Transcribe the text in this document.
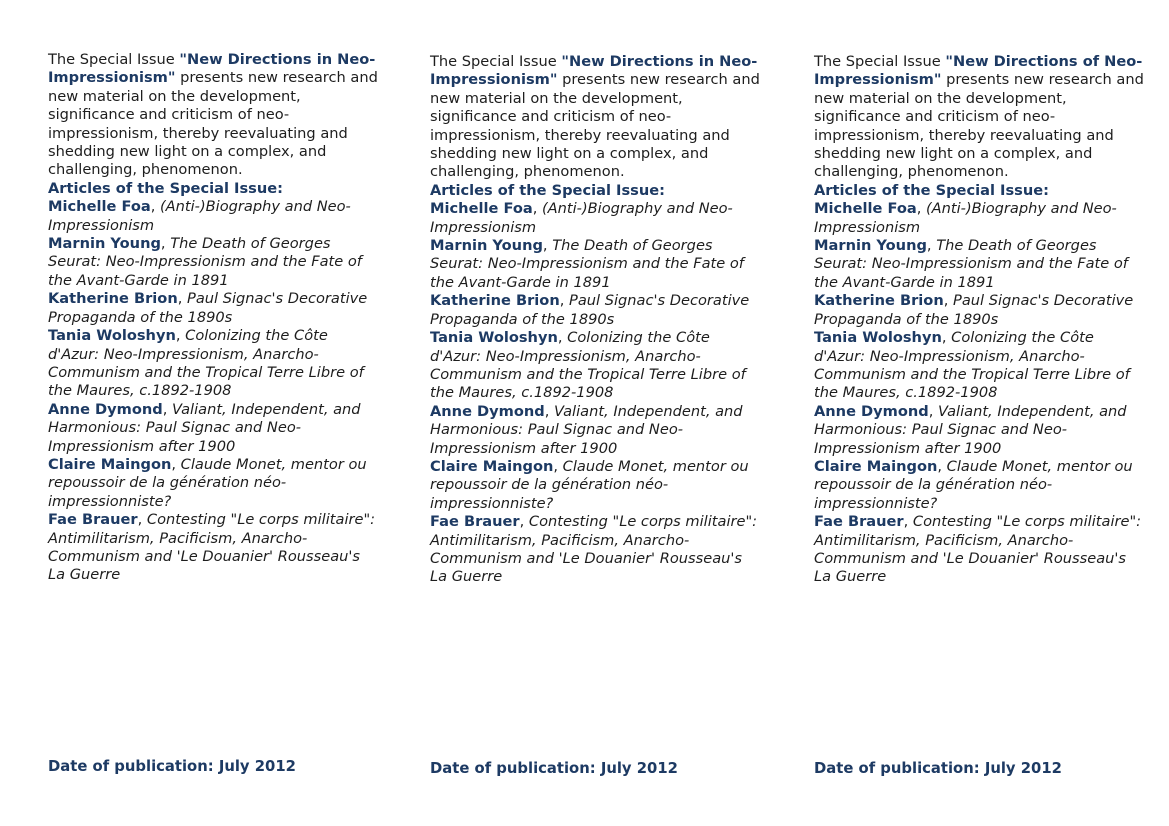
The Special Issue "New Directions in Neo-Impressionism" presents new research and new material on the development, significance and criticism of neo-impressionism, thereby reevaluating and shedding new light on a complex, and challenging, phenomenon.

Articles of the Special Issue:

Michelle Foa, (Anti-)Biography and Neo-Impressionism

Marnin Young, The Death of Georges Seurat: Neo-Impressionism and the Fate of the Avant-Garde in 1891

Katherine Brion, Paul Signac's Decorative Propaganda of the 1890s

Tania Woloshyn, Colonizing the Côte d'Azur: Neo-Impressionism, Anarcho-Communism and the Tropical Terre Libre of the Maures, c.1892-1908

Anne Dymond, Valiant, Independent, and Harmonious: Paul Signac and Neo-Impressionism after 1900

Claire Maingon, Claude Monet, mentor ou repoussoir de la génération néo-impressionniste?

Fae Brauer, Contesting "Le corps militaire": Antimilitarism, Pacificism, Anarcho-Communism and 'Le Douanier' Rousseau's La Guerre

Date of publication: July 2012

The Special Issue "New Directions in Neo-Impressionism" presents new research and new material on the development, significance and criticism of neo-impressionism, thereby reevaluating and shedding new light on a complex, and challenging, phenomenon.

Articles of the Special Issue:

Michelle Foa, (Anti-)Biography and Neo-Impressionism

Marnin Young, The Death of Georges Seurat: Neo-Impressionism and the Fate of the Avant-Garde in 1891

Katherine Brion, Paul Signac's Decorative Propaganda of the 1890s

Tania Woloshyn, Colonizing the Côte d'Azur: Neo-Impressionism, Anarcho-Communism and the Tropical Terre Libre of the Maures, c.1892-1908

Anne Dymond, Valiant, Independent, and Harmonious: Paul Signac and Neo-Impressionism after 1900

Claire Maingon, Claude Monet, mentor ou repoussoir de la génération néo-impressionniste?

Fae Brauer, Contesting "Le corps militaire": Antimilitarism, Pacificism, Anarcho-Communism and 'Le Douanier' Rousseau's La Guerre

Date of publication: July 2012

The Special Issue "New Directions of Neo-Impressionism" presents new research and new material on the development, significance and criticism of neo-impressionism, thereby reevaluating and shedding new light on a complex, and challenging, phenomenon.

Articles of the Special Issue:

Michelle Foa, (Anti-)Biography and Neo-Impressionism

Marnin Young, The Death of Georges Seurat: Neo-Impressionism and the Fate of the Avant-Garde in 1891

Katherine Brion, Paul Signac's Decorative Propaganda of the 1890s

Tania Woloshyn, Colonizing the Côte d'Azur: Neo-Impressionism, Anarcho-Communism and the Tropical Terre Libre of the Maures, c.1892-1908

Anne Dymond, Valiant, Independent, and Harmonious: Paul Signac and Neo-Impressionism after 1900

Claire Maingon, Claude Monet, mentor ou repoussoir de la génération néo-impressionniste?

Fae Brauer, Contesting "Le corps militaire": Antimilitarism, Pacificism, Anarcho-Communism and 'Le Douanier' Rousseau's La Guerre

Date of publication: July 2012
